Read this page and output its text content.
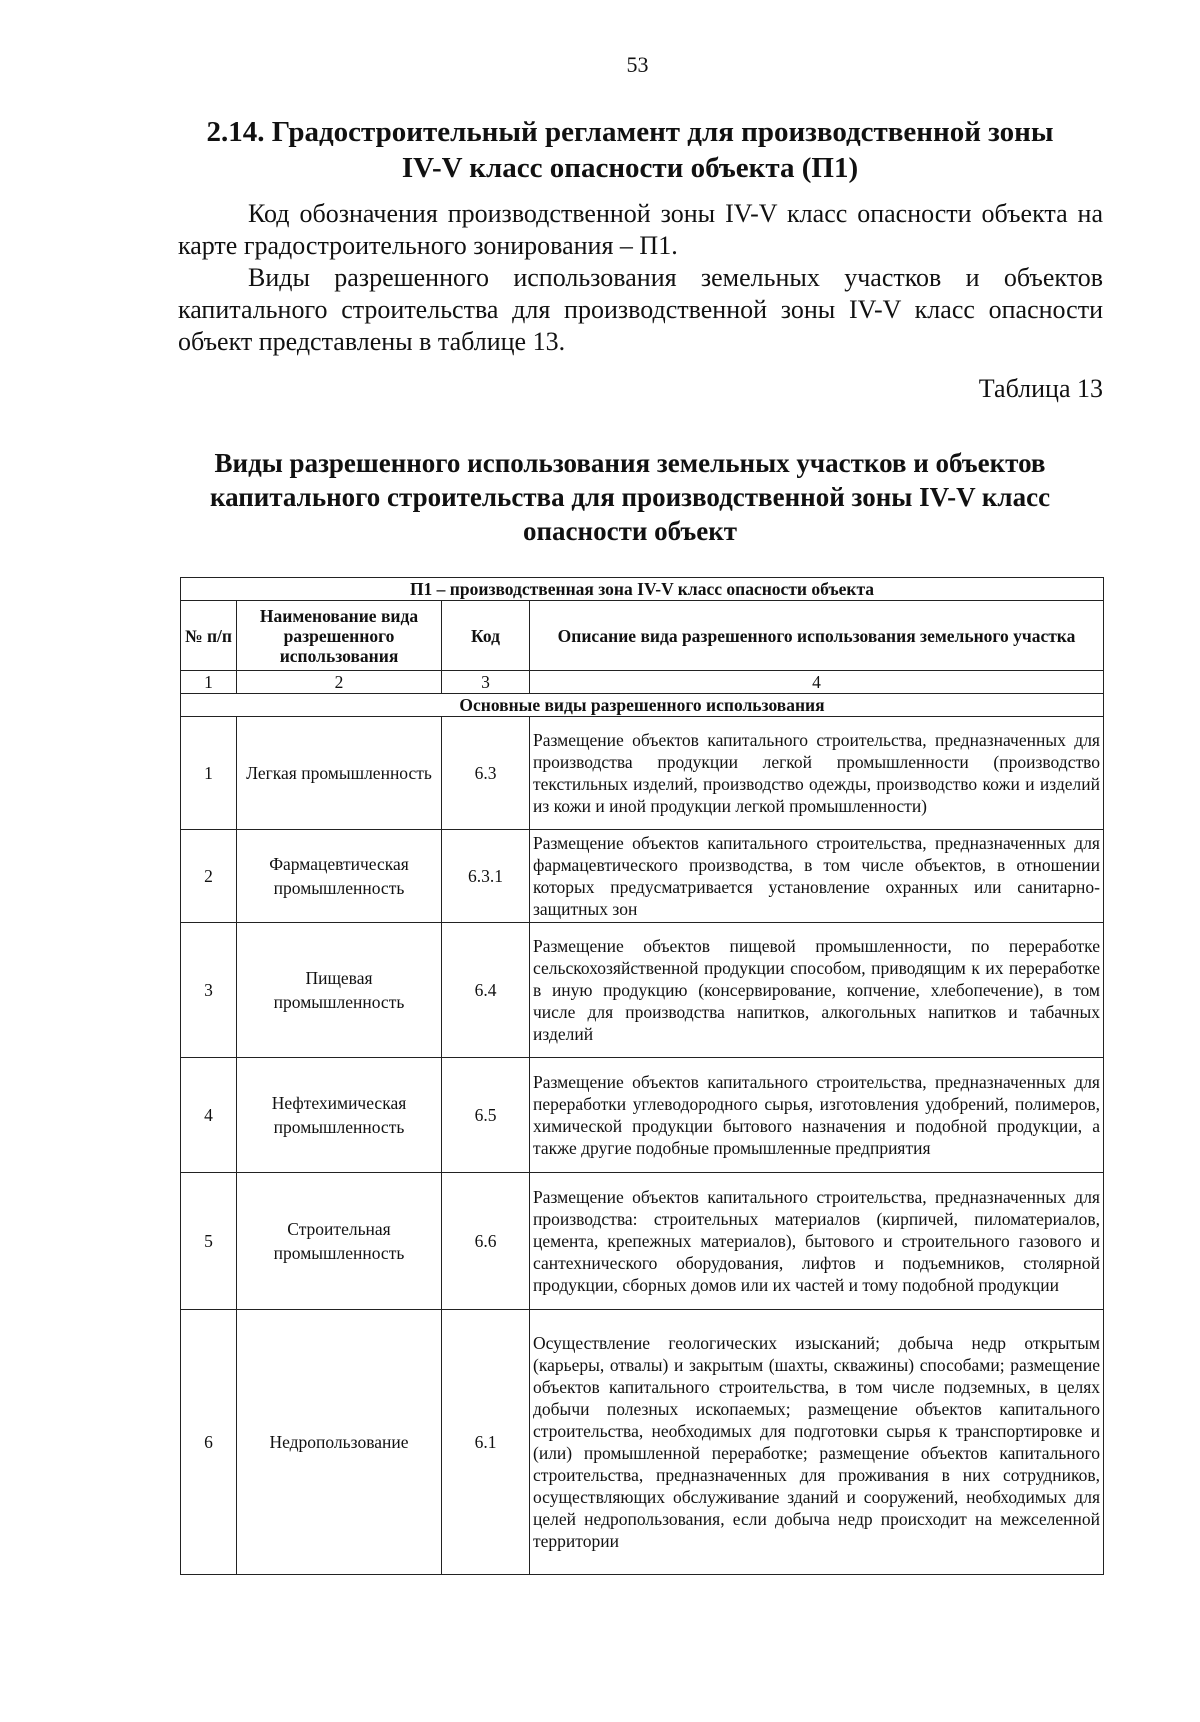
53
2.14. Градостроительный регламент для производственной зоны
IV-V класс опасности объекта (П1)

Код обозначения производственной зоны IV-V класс опасности объекта на карте градостроительного зонирования – П1.

Виды разрешенного использования земельных участков и объектов капитального строительства для производственной зоны IV-V класс опасности объект представлены в таблице 13.

Таблица 13
Виды разрешенного использования земельных участков и объектов
капитального строительства для производственной зоны IV-V класс
опасности объект
П1 – производственная зона IV-V класс опасности объекта			
№ п/п	Наименование вида разрешенного использования	Код	Описание вида разрешенного использования земельного участка
1	2	3	4
Основные виды разрешенного использования			
1	Легкая промышленность	6.3	Размещение объектов капитального строительства, предназначенных для производства продукции легкой промышленности (производство текстильных изделий, производство одежды, производство кожи и изделий из кожи и иной продукции легкой промышленности)
2	Фармацевтическая промышленность	6.3.1	Размещение объектов капитального строительства, предназначенных для фармацевтического производства, в том числе объектов, в отношении которых предусматривается установление охранных или санитарно-защитных зон
3	Пищевая промышленность	6.4	Размещение объектов пищевой промышленности, по переработке сельскохозяйственной продукции способом, приводящим к их переработке в иную продукцию (консервирование, копчение, хлебопечение), в том числе для производства напитков, алкогольных напитков и табачных изделий
4	Нефтехимическая промышленность	6.5	Размещение объектов капитального строительства, предназначенных для переработки углеводородного сырья, изготовления удобрений, полимеров, химической продукции бытового назначения и подобной продукции, а также другие подобные промышленные предприятия
5	Строительная промышленность	6.6	Размещение объектов капитального строительства, предназначенных для производства: строительных материалов (кирпичей, пиломатериалов, цемента, крепежных материалов), бытового и строительного газового и сантехнического оборудования, лифтов и подъемников, столярной продукции, сборных домов или их частей и тому подобной продукции
6	Недропользование	6.1	Осуществление геологических изысканий; добыча недр открытым (карьеры, отвалы) и закрытым (шахты, скважины) способами; размещение объектов капитального строительства, в том числе подземных, в целях добычи полезных ископаемых; размещение объектов капитального строительства, необходимых для подготовки сырья к транспортировке и (или) промышленной переработке; размещение объектов капитального строительства, предназначенных для проживания в них сотрудников, осуществляющих обслуживание зданий и сооружений, необходимых для целей недропользования, если добыча недр происходит на межселенной территории
